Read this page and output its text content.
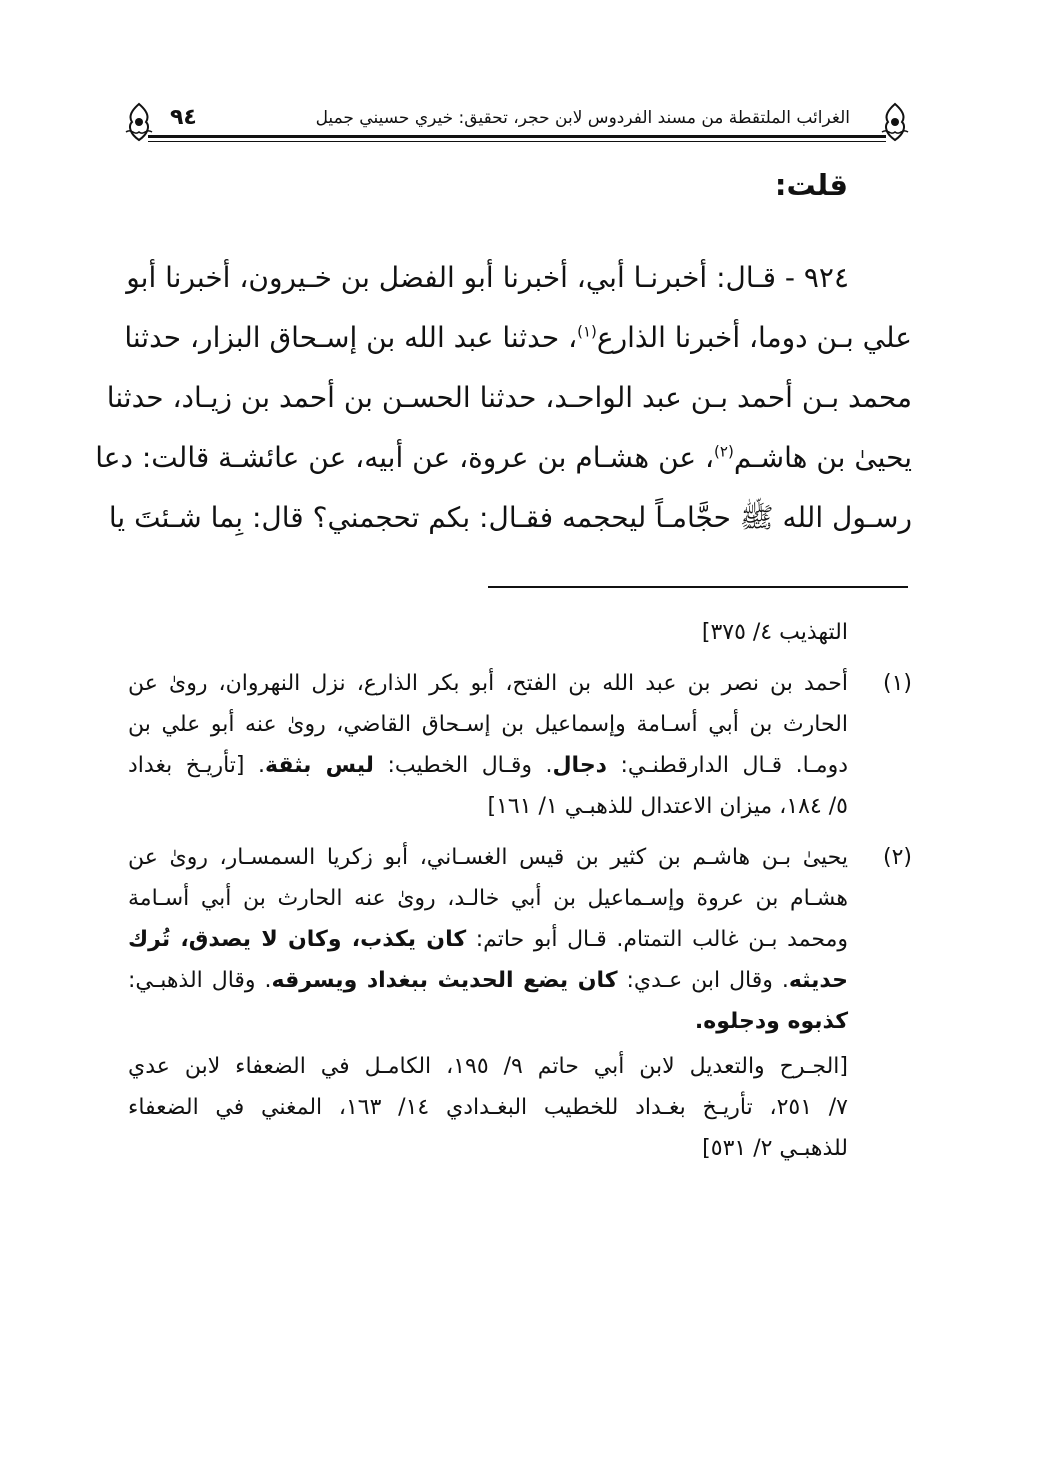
٩٤	الغرائب الملتقطة من مسند الفردوس لابن حجر، تحقيق: خيري حسيني جميل
قلت:
٩٢٤ - قـال: أخبرنـا أبي، أخبرنا أبو الفضل بن خـيرون، أخبرنا أبو
علي بـن دوما، أخبرنا الذارع$^{(١)}$، حدثنا عبد الله بن إسـحاق البزار، حدثنا
محمد بـن أحمد بـن عبد الواحـد، حدثنا الحسـن بن أحمد بن زيـاد، حدثنا
يحيىٰ بن هاشـم$^{(٢)}$، عن هشـام بن عروة، عن أبيه، عن عائشـة قالت: دعا
رسـول الله ﷺ حجَّامـاً ليحجمه فقـال: بكم تحجمني؟ قال: بِما شـئتَ يا
التهذيب ٤/ ٣٧٥]
(١)
أحمد بن نصر بن عبد الله بن الفتح، أبو بكر الذارع، نزل النهروان، روىٰ عن
الحارث بن أبي أسـامة وإسماعيل بن إسـحاق القاضي، روىٰ عنه أبو علي بن
دومـا. قـال الدارقطنـي: دجال. وقـال الخطيب: ليس بثقة. [تأريـخ بغداد
٥/ ١٨٤، ميزان الاعتدال للذهبـي ١/ ١٦١]
(٢)
يحيىٰ بـن هاشـم بن كثير بن قيس الغسـاني، أبو زكريا السمسـار، روىٰ عن
هشـام بن عروة وإسـماعيل بن أبي خالـد، روىٰ عنه الحارث بن أبي أسـامة
ومحمد بـن غالب التمتام. قـال أبو حاتم: كان يكذب، وكان لا يصدق، تُرك
حديثه. وقال ابن عـدي: كان يضع الحديث ببغداد ويسرقه. وقال الذهبـي:
كذبوه ودجلوه.
[الجـرح والتعديل لابن أبي حاتم ٩/ ١٩٥، الكامـل في الضعفاء لابن عدي
٧/ ٢٥١، تأريـخ بغـداد للخطيب البغـدادي ١٤/ ١٦٣، المغني في الضعفاء
للذهبـي ٢/ ٥٣١]
